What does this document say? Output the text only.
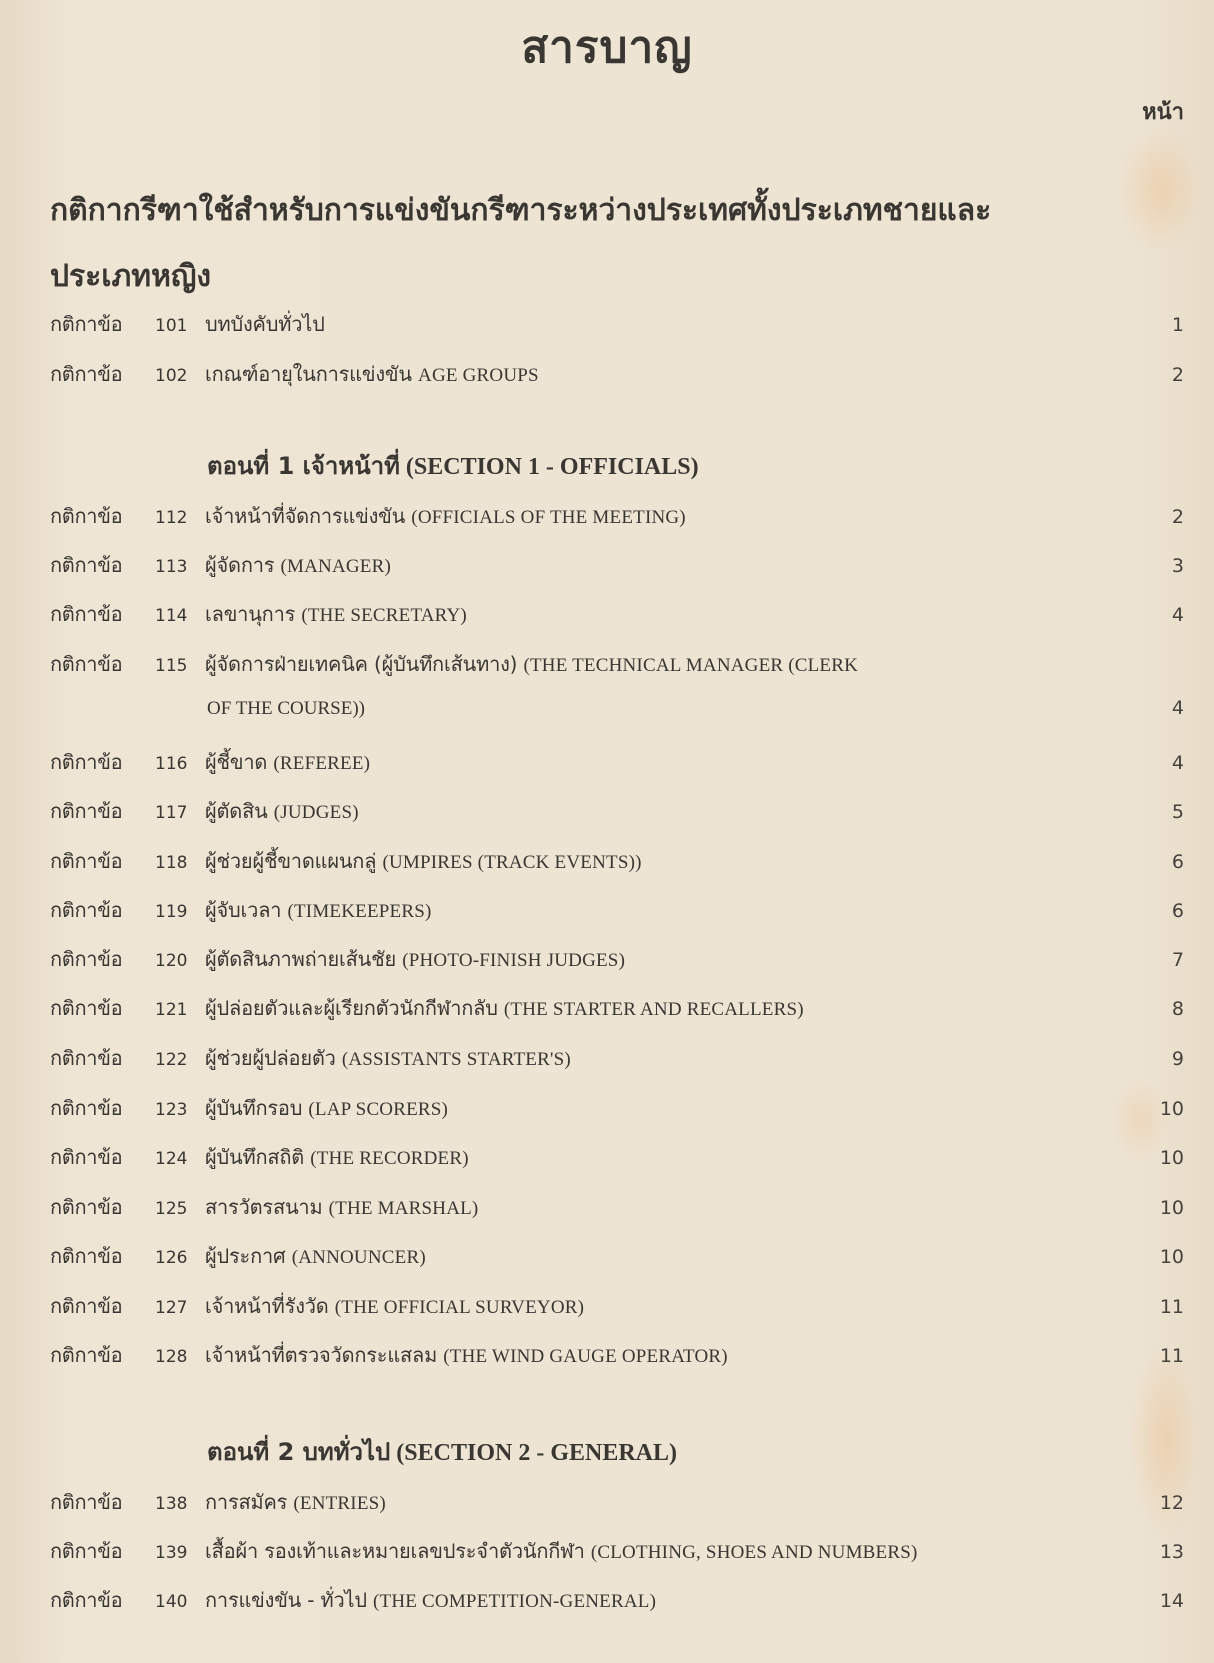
สารบาญ
หน้า
กติกากรีฑาใช้สำหรับการแข่งขันกรีฑาระหว่างประเทศทั้งประเภทชายและ
ประเภทหญิง
กติกาข้อ	101 บทบังคับทั่วไป	1
กติกาข้อ	102 เกณฑ์อายุในการแข่งขัน AGE GROUPS	2
ตอนที่ 1 เจ้าหน้าที่ (SECTION 1 - OFFICIALS)
กติกาข้อ	112 เจ้าหน้าที่จัดการแข่งขัน (OFFICIALS OF THE MEETING)	2
กติกาข้อ	113 ผู้จัดการ (MANAGER)	3
กติกาข้อ	114 เลขานุการ (THE SECRETARY)	4
กติกาข้อ	115 ผู้จัดการฝ่ายเทคนิค (ผู้บันทึกเส้นทาง) (THE TECHNICAL MANAGER (CLERK
OF THE COURSE))	4
กติกาข้อ	116 ผู้ชี้ขาด (REFEREE)	4
กติกาข้อ	117 ผู้ตัดสิน (JUDGES)	5
กติกาข้อ	118 ผู้ช่วยผู้ชี้ขาดแผนกลู่ (UMPIRES (TRACK EVENTS))	6
กติกาข้อ	119 ผู้จับเวลา (TIMEKEEPERS)	6
กติกาข้อ	120 ผู้ตัดสินภาพถ่ายเส้นชัย (PHOTO-FINISH JUDGES)	7
กติกาข้อ	121 ผู้ปล่อยตัวและผู้เรียกตัวนักกีฬากลับ (THE STARTER AND RECALLERS)	8
กติกาข้อ	122 ผู้ช่วยผู้ปล่อยตัว (ASSISTANTS STARTER'S)	9
กติกาข้อ	123 ผู้บันทึกรอบ (LAP SCORERS)	10
กติกาข้อ	124 ผู้บันทึกสถิติ (THE RECORDER)	10
กติกาข้อ	125 สารวัตรสนาม (THE MARSHAL)	10
กติกาข้อ	126 ผู้ประกาศ (ANNOUNCER)	10
กติกาข้อ	127 เจ้าหน้าที่รังวัด (THE OFFICIAL SURVEYOR)	11
กติกาข้อ	128 เจ้าหน้าที่ตรวจวัดกระแสลม (THE WIND GAUGE OPERATOR)	11
ตอนที่ 2 บททั่วไป (SECTION 2 - GENERAL)
กติกาข้อ	138 การสมัคร (ENTRIES)	12
กติกาข้อ	139 เสื้อผ้า รองเท้าและหมายเลขประจำตัวนักกีฬา (CLOTHING, SHOES AND NUMBERS)	13
กติกาข้อ	140 การแข่งขัน - ทั่วไป (THE COMPETITION-GENERAL)	14
